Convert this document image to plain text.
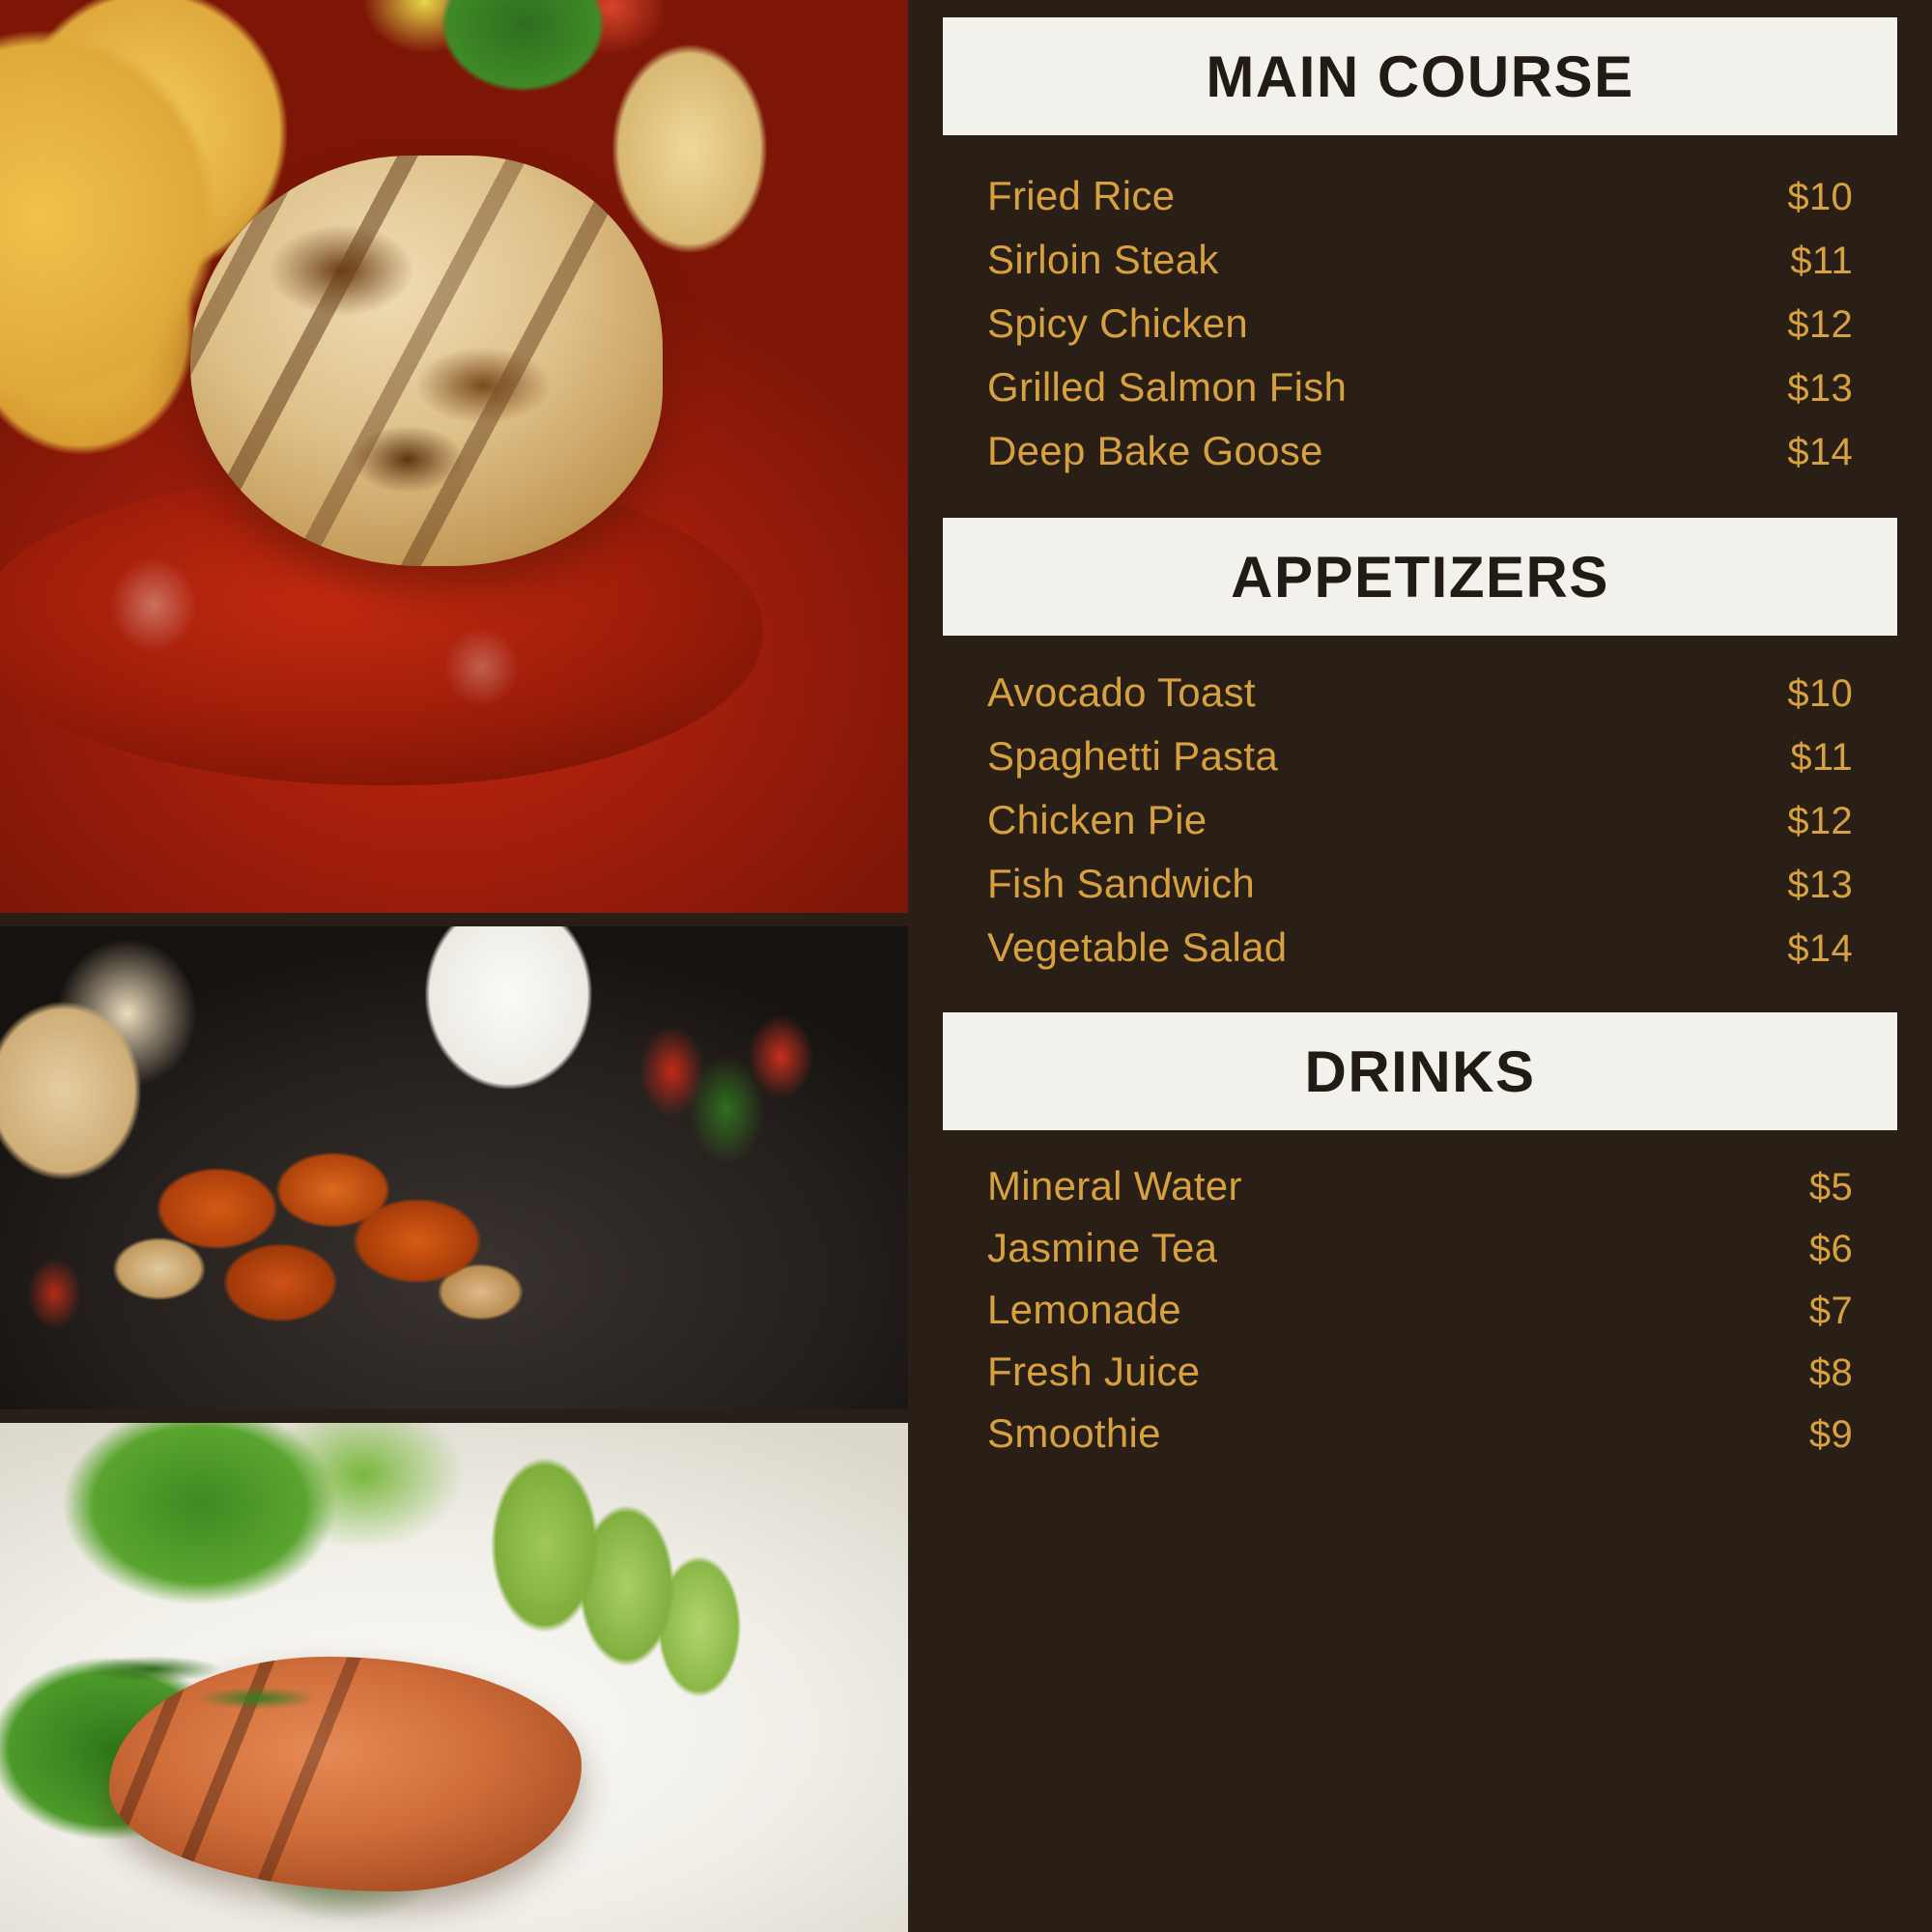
MAIN COURSE
Fried Rice	$10
Sirloin Steak	$11
Spicy Chicken	$12
Grilled Salmon Fish	$13
Deep Bake Goose	$14
APPETIZERS
Avocado Toast	$10
Spaghetti Pasta	$11
Chicken Pie	$12
Fish Sandwich	$13
Vegetable Salad	$14
DRINKS
Mineral Water	$5
Jasmine Tea	$6
Lemonade	$7
Fresh Juice	$8
Smoothie	$9
